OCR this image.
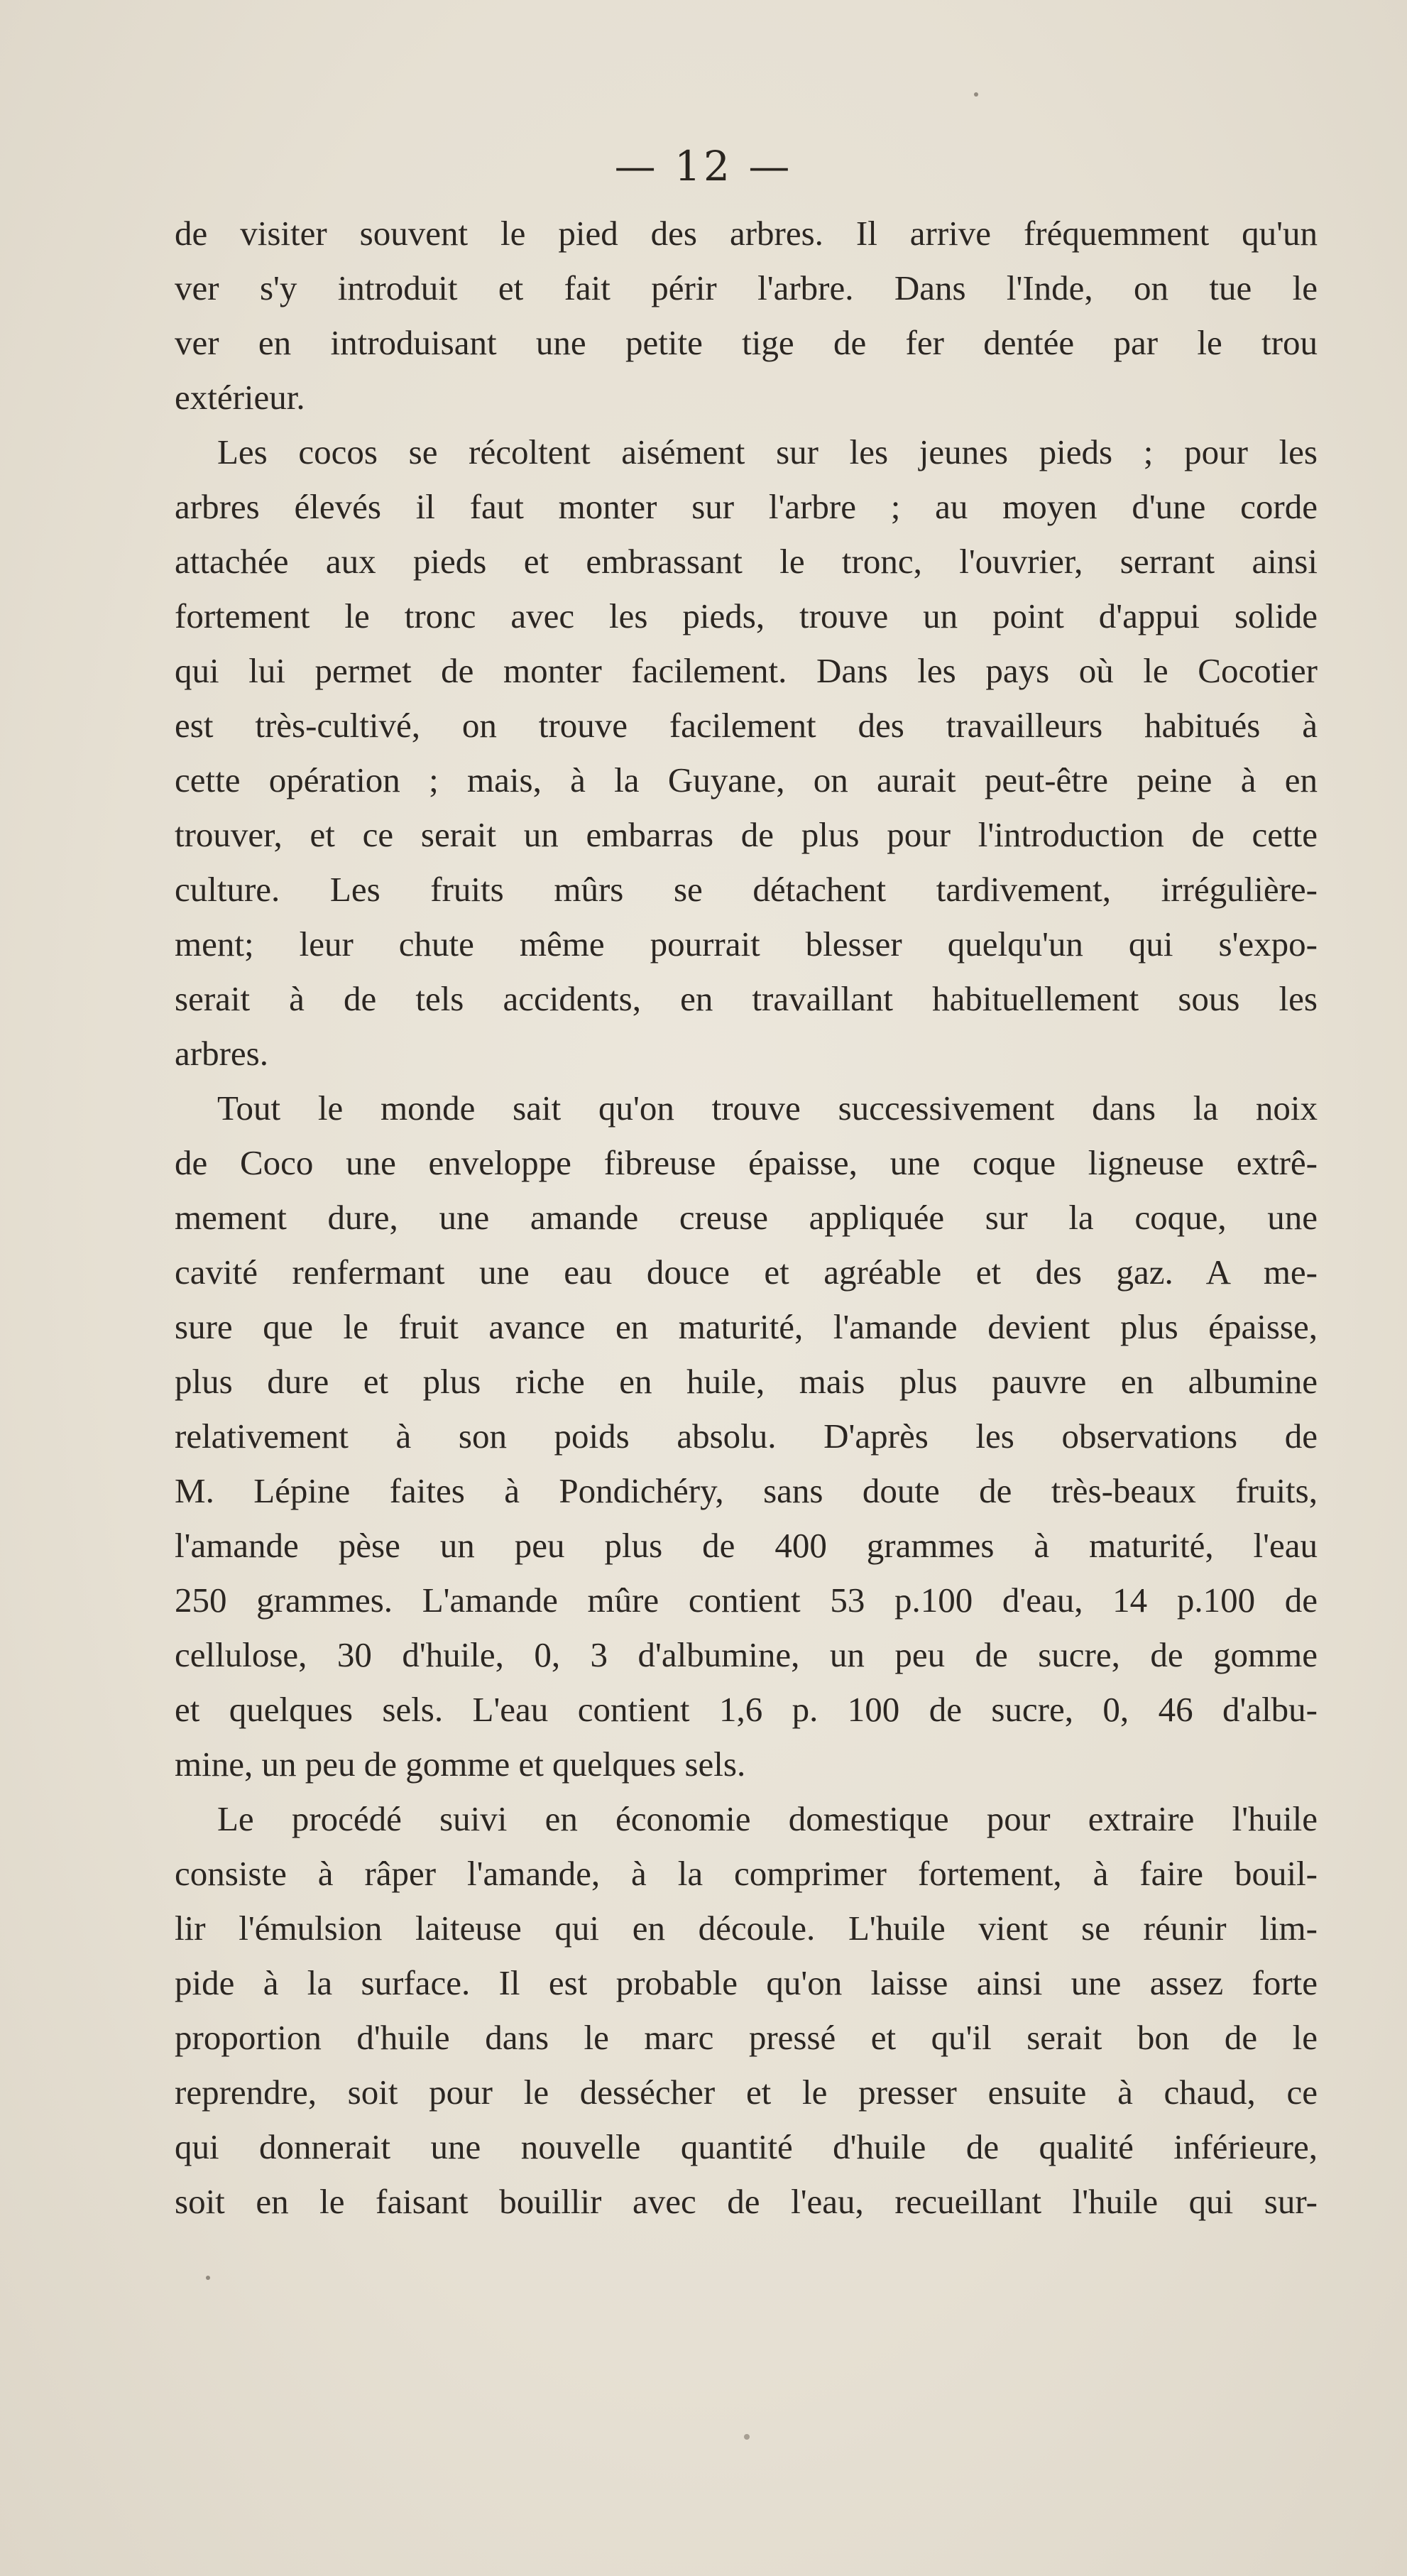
— 12 —
de visiter souvent le pied des arbres. Il arrive fréquemment qu'un
ver s'y introduit et fait périr l'arbre. Dans l'Inde, on tue le
ver en introduisant une petite tige de fer dentée par le trou
extérieur.
Les cocos se récoltent aisément sur les jeunes pieds ; pour les
arbres élevés il faut monter sur l'arbre ; au moyen d'une corde
attachée aux pieds et embrassant le tronc, l'ouvrier, serrant ainsi
fortement le tronc avec les pieds, trouve un point d'appui solide
qui lui permet de monter facilement. Dans les pays où le Cocotier
est très-cultivé, on trouve facilement des travailleurs habitués à
cette opération ; mais, à la Guyane, on aurait peut-être peine à en
trouver, et ce serait un embarras de plus pour l'introduction de cette
culture. Les fruits mûrs se détachent tardivement, irrégulière-
ment; leur chute même pourrait blesser quelqu'un qui s'expo-
serait à de tels accidents, en travaillant habituellement sous les
arbres.
Tout le monde sait qu'on trouve successivement dans la noix
de Coco une enveloppe fibreuse épaisse, une coque ligneuse extrê-
mement dure, une amande creuse appliquée sur la coque, une
cavité renfermant une eau douce et agréable et des gaz. A me-
sure que le fruit avance en maturité, l'amande devient plus épaisse,
plus dure et plus riche en huile, mais plus pauvre en albumine
relativement à son poids absolu. D'après les observations de
M. Lépine faites à Pondichéry, sans doute de très-beaux fruits,
l'amande pèse un peu plus de 400 grammes à maturité, l'eau
250 grammes. L'amande mûre contient 53 p.100 d'eau, 14 p.100 de
cellulose, 30 d'huile, 0, 3 d'albumine, un peu de sucre, de gomme
et quelques sels. L'eau contient 1,6 p. 100 de sucre, 0, 46 d'albu-
mine, un peu de gomme et quelques sels.
Le procédé suivi en économie domestique pour extraire l'huile
consiste à râper l'amande, à la comprimer fortement, à faire bouil-
lir l'émulsion laiteuse qui en découle. L'huile vient se réunir lim-
pide à la surface. Il est probable qu'on laisse ainsi une assez forte
proportion d'huile dans le marc pressé et qu'il serait bon de le
reprendre, soit pour le dessécher et le presser ensuite à chaud, ce
qui donnerait une nouvelle quantité d'huile de qualité inférieure,
soit en le faisant bouillir avec de l'eau, recueillant l'huile qui sur-
